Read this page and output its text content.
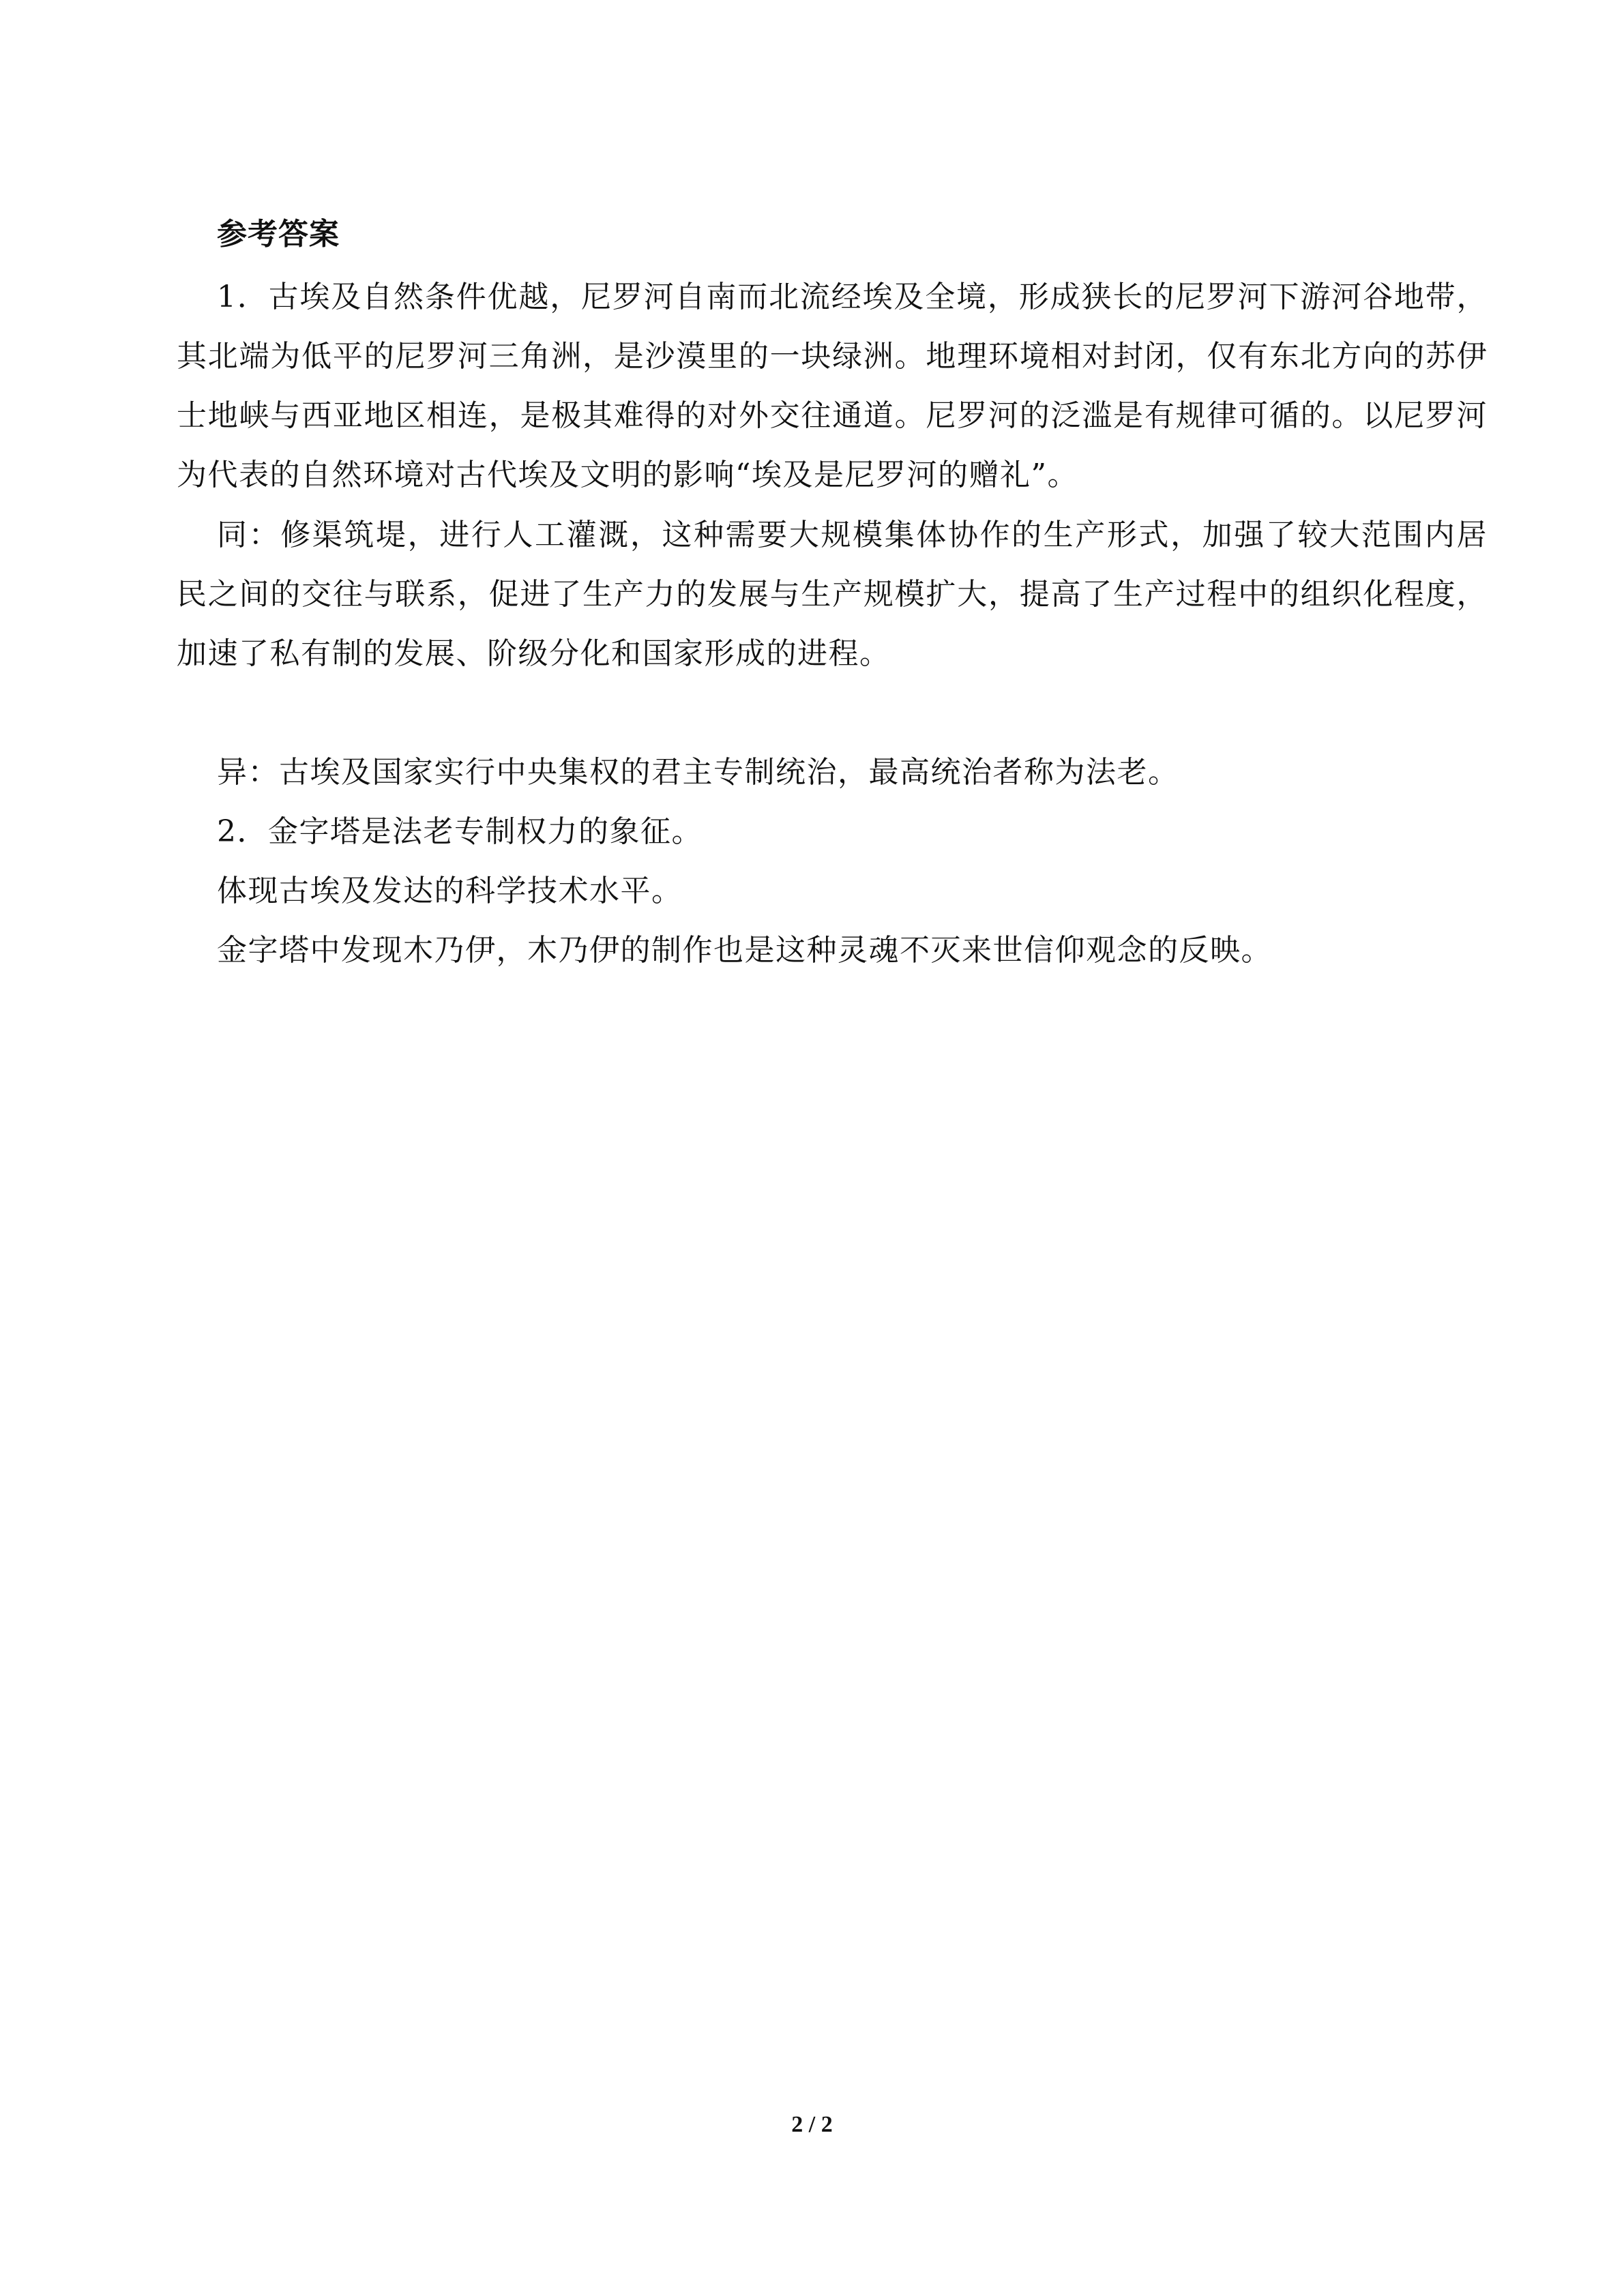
参考答案

1．古埃及自然条件优越，尼罗河自南而北流经埃及全境，形成狭长的尼罗河下游河谷地带，其北端为低平的尼罗河三角洲，是沙漠里的一块绿洲。地理环境相对封闭，仅有东北方向的苏伊士地峡与西亚地区相连，是极其难得的对外交往通道。尼罗河的泛滥是有规律可循的。以尼罗河为代表的自然环境对古代埃及文明的影响“埃及是尼罗河的赠礼”。

同：修渠筑堤，进行人工灌溉，这种需要大规模集体协作的生产形式，加强了较大范围内居民之间的交往与联系，促进了生产力的发展与生产规模扩大，提高了生产过程中的组织化程度，加速了私有制的发展、阶级分化和国家形成的进程。

异：古埃及国家实行中央集权的君主专制统治，最高统治者称为法老。

2．金字塔是法老专制权力的象征。

体现古埃及发达的科学技术水平。

金字塔中发现木乃伊，木乃伊的制作也是这种灵魂不灭来世信仰观念的反映。

2 / 2
